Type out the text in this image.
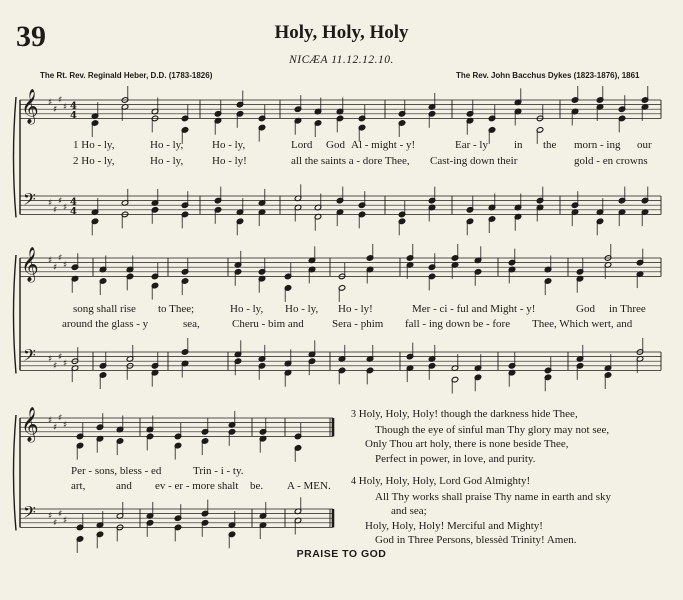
𝄞
𝄢
♯
♯
♯
♯
♯
♯
♯
♯
4
4
4
4
𝄞
𝄢
♯
♯
♯
♯
♯
♯
♯
♯
𝄞
𝄢
♯
♯
♯
♯
♯
♯
♯
♯
39	Holy, Holy, Holy
NICÆA 11.12.12.10.
The Rt. Rev. Reginald Heber, D.D. (1783-1826)	The Rev. John Bacchus Dykes (1823-1876), 1861
1 Ho - ly,	Ho - ly,	Ho - ly,	Lord God Al - might - y!	Ear - ly in the morn - ing our
2 Ho - ly,	Ho - ly,	Ho - ly!	all the saints a - dore Thee, Cast-ing down their	gold - en crowns
song shall rise to Thee;	Ho - ly, Ho - ly, Ho - ly!	Mer - ci - ful and Might - y!	God in Three
around the glass - y	sea,	Cheru - bim and	Sera - phim fall - ing down be - fore Thee, Which wert, and
Per - sons, bless - ed	Trin - i - ty.
art,	and ev - er - more shalt be. A - MEN.
3 Holy, Holy, Holy! though the darkness hide Thee,
Though the eye of sinful man Thy glory may not see,
Only Thou art holy, there is none beside Thee,
Perfect in power, in love, and purity.
4 Holy, Holy, Holy, Lord God Almighty!
All Thy works shall praise Thy name in earth and sky
and sea;
Holy, Holy, Holy! Merciful and Mighty!
God in Three Persons, blessèd Trinity! Amen.
PRAISE TO GOD
